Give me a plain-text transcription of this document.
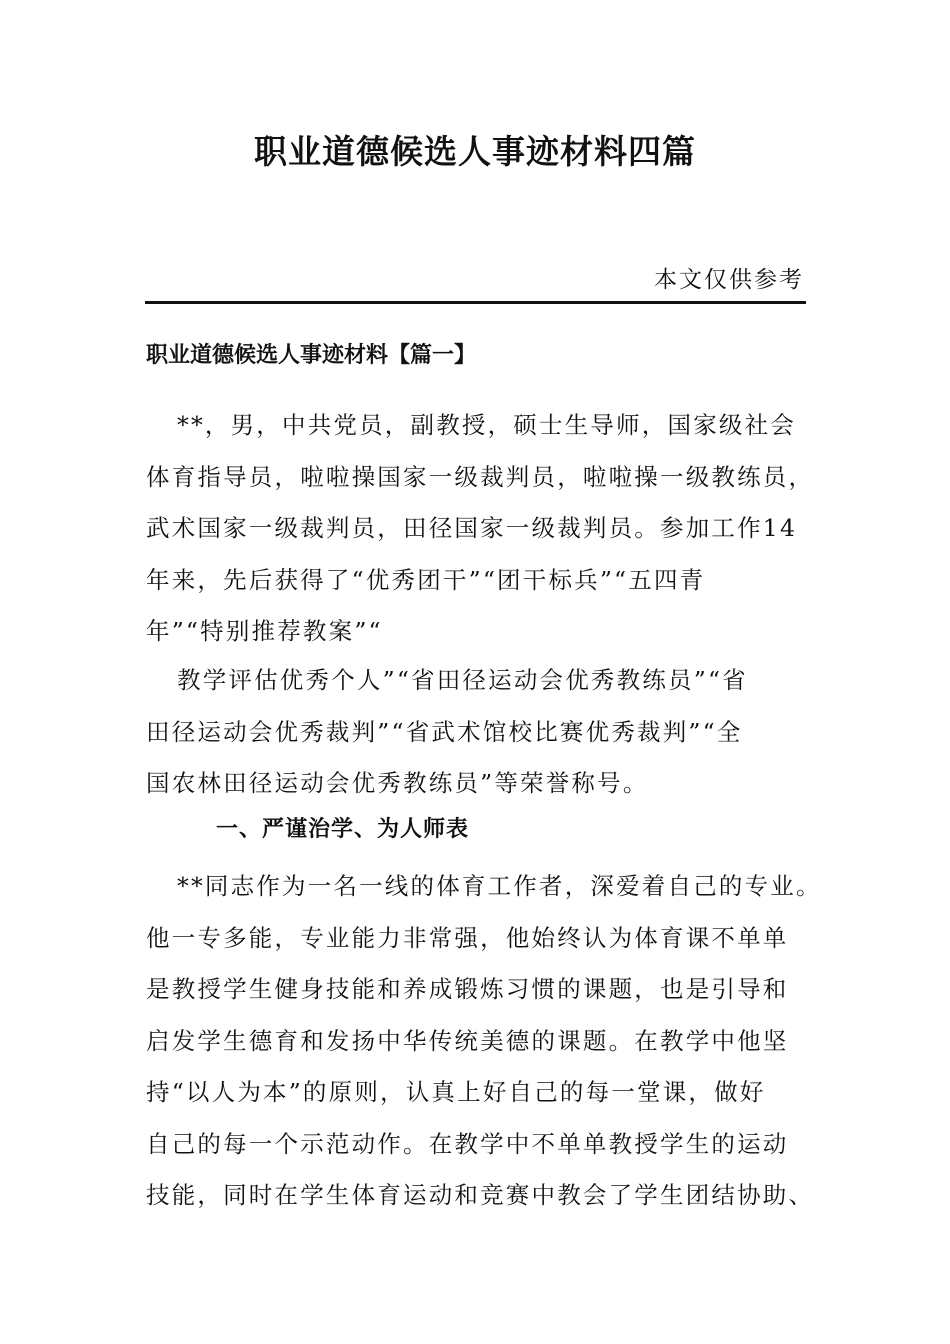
职业道德候选人事迹材料四篇
本文仅供参考
职业道德候选人事迹材料【篇一】

**，男，中共党员，副教授，硕士生导师，国家级社会
体育指导员，啦啦操国家一级裁判员，啦啦操一级教练员，
武术国家一级裁判员，田径国家一级裁判员。参加工作14
年来，先后获得了“优秀团干”“团干标兵”“五四青
年”“特别推荐教案”“

教学评估优秀个人”“省田径运动会优秀教练员”“省
田径运动会优秀裁判”“省武术馆校比赛优秀裁判”“全
国农林田径运动会优秀教练员”等荣誉称号。

一、严谨治学、为人师表

**同志作为一名一线的体育工作者，深爱着自己的专业。
他一专多能，专业能力非常强，他始终认为体育课不单单
是教授学生健身技能和养成锻炼习惯的课题，也是引导和
启发学生德育和发扬中华传统美德的课题。在教学中他坚
持“以人为本”的原则，认真上好自己的每一堂课，做好
自己的每一个示范动作。在教学中不单单教授学生的运动
技能，同时在学生体育运动和竞赛中教会了学生团结协助、
